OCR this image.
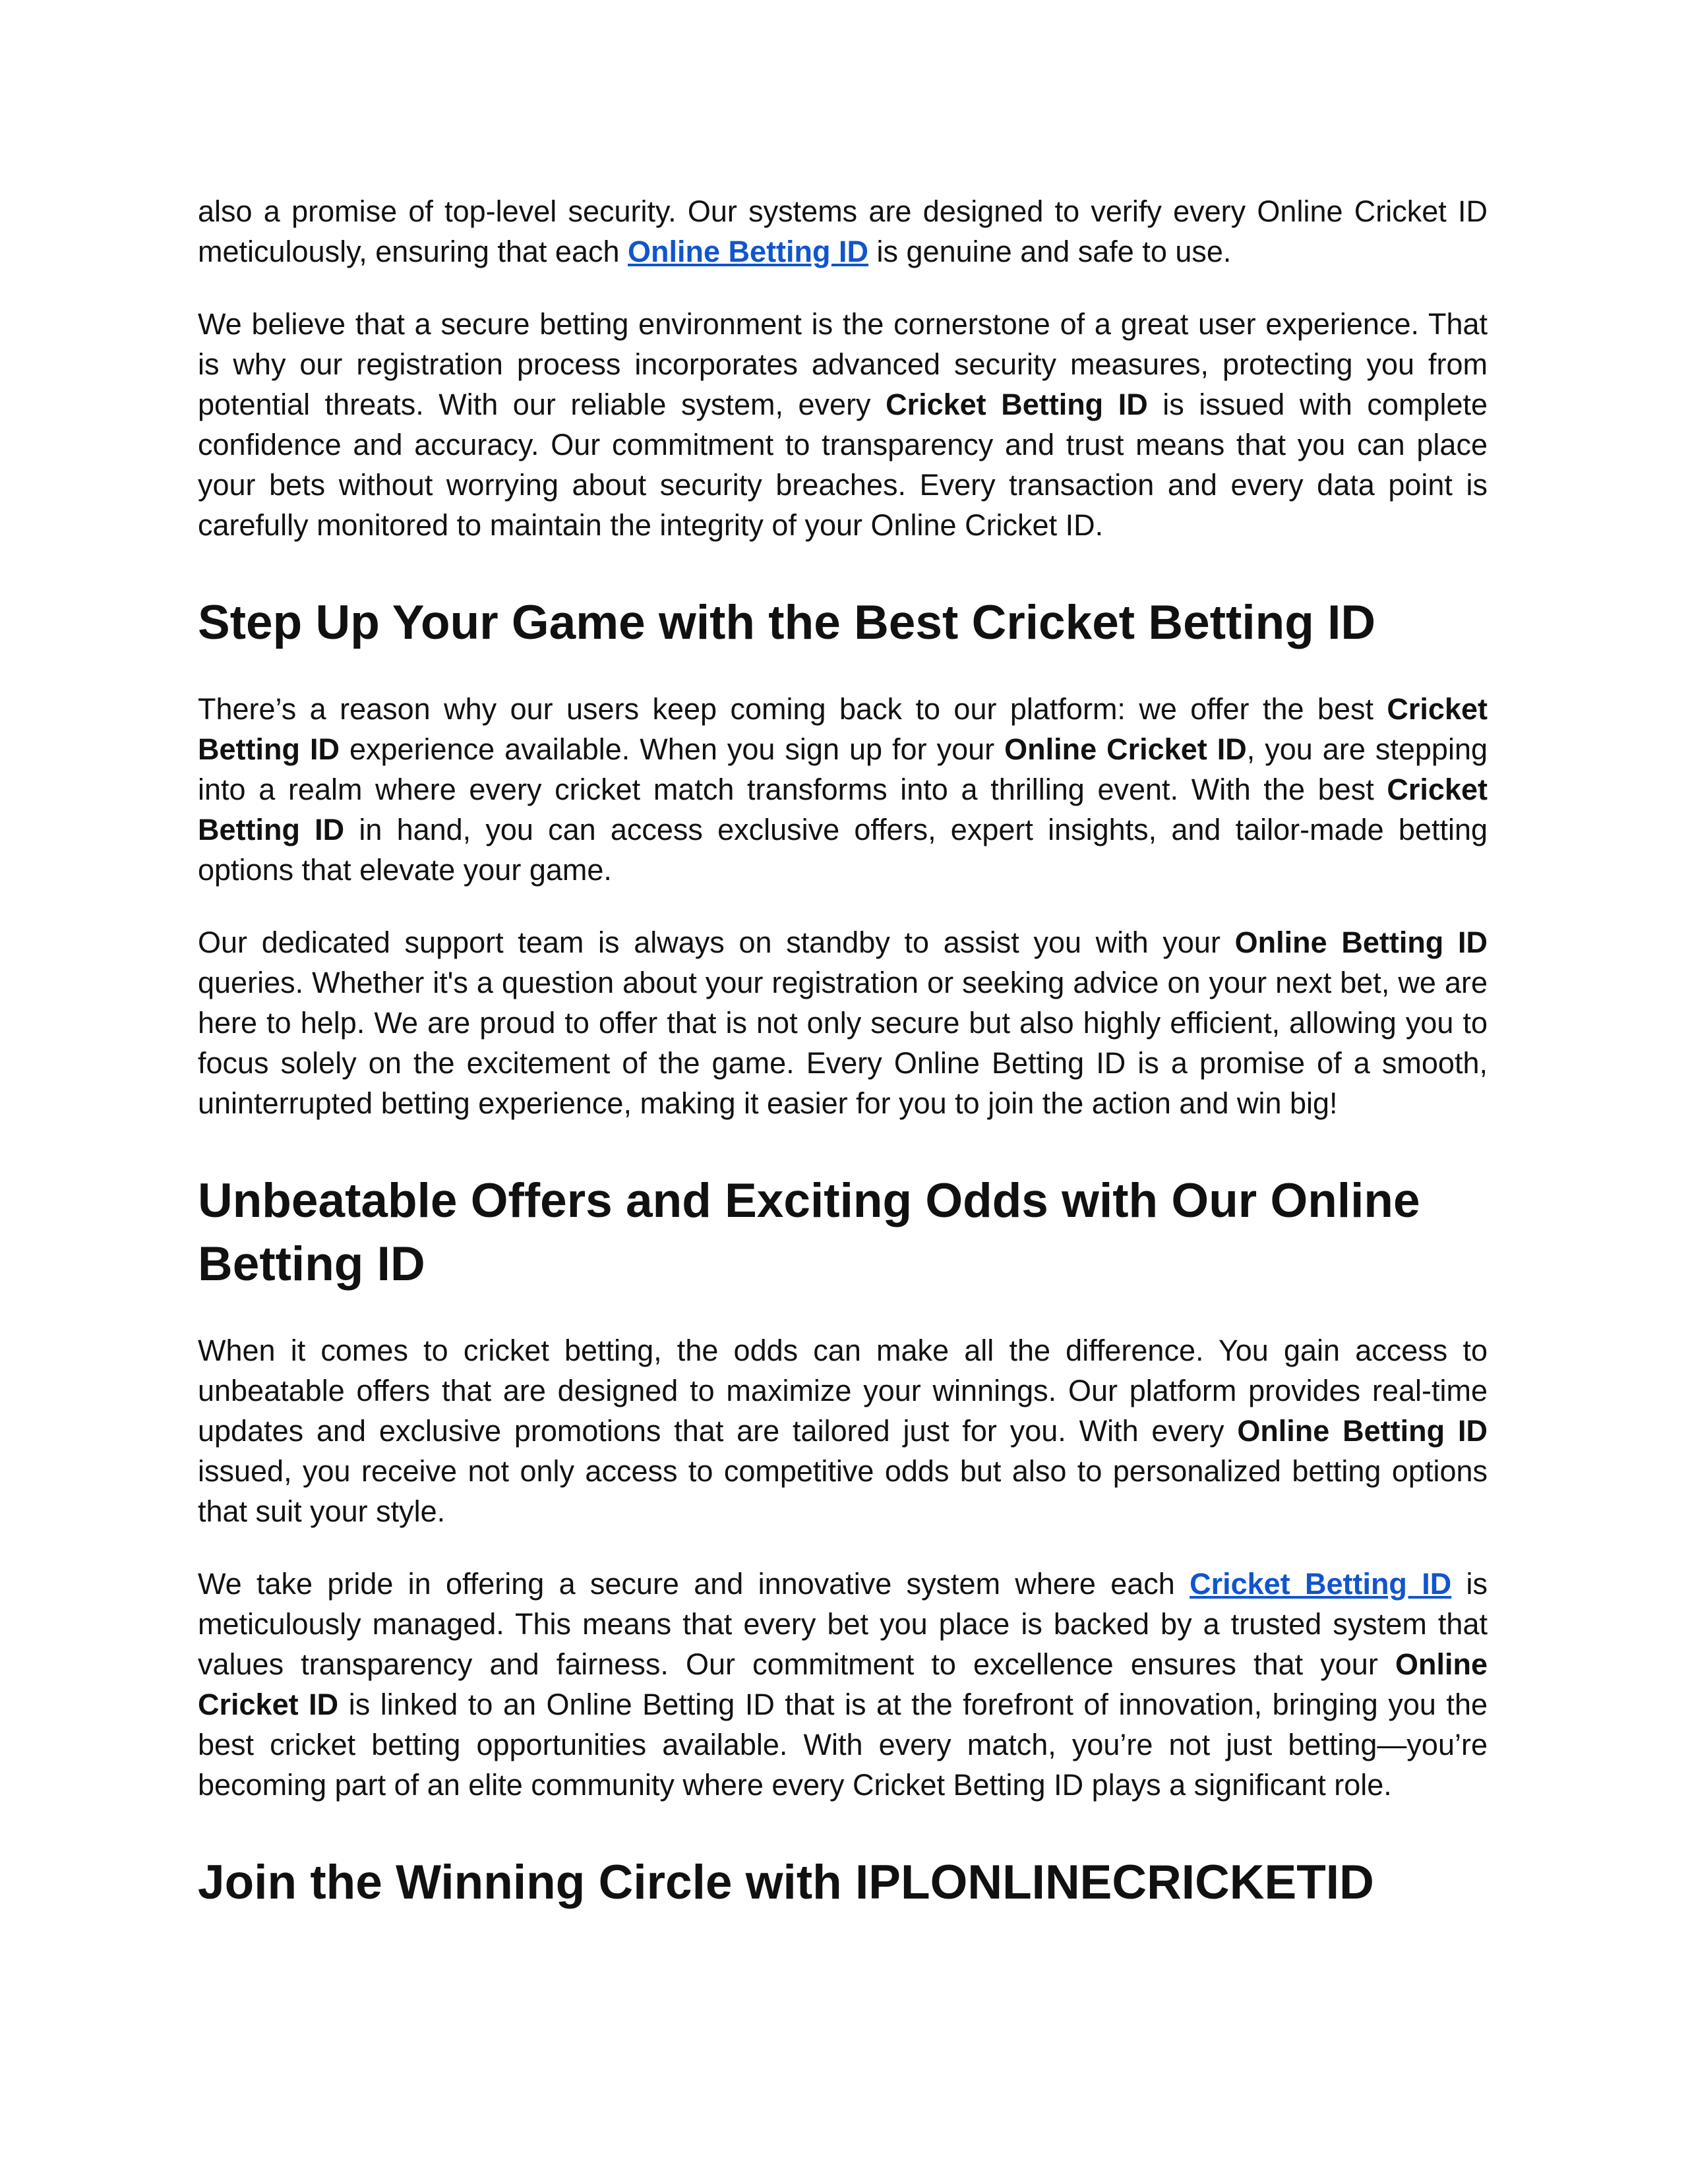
also a promise of top-level security. Our systems are designed to verify every Online Cricket ID meticulously, ensuring that each Online Betting ID is genuine and safe to use.

We believe that a secure betting environment is the cornerstone of a great user experience. That is why our registration process incorporates advanced security measures, protecting you from potential threats. With our reliable system, every Cricket Betting ID is issued with complete confidence and accuracy. Our commitment to transparency and trust means that you can place your bets without worrying about security breaches. Every transaction and every data point is carefully monitored to maintain the integrity of your Online Cricket ID.

Step Up Your Game with the Best Cricket Betting ID

There’s a reason why our users keep coming back to our platform: we offer the best Cricket Betting ID experience available. When you sign up for your Online Cricket ID, you are stepping into a realm where every cricket match transforms into a thrilling event. With the best Cricket Betting ID in hand, you can access exclusive offers, expert insights, and tailor-made betting options that elevate your game.

Our dedicated support team is always on standby to assist you with your Online Betting ID queries. Whether it's a question about your registration or seeking advice on your next bet, we are here to help. We are proud to offer that is not only secure but also highly efficient, allowing you to focus solely on the excitement of the game. Every Online Betting ID is a promise of a smooth, uninterrupted betting experience, making it easier for you to join the action and win big!

Unbeatable Offers and Exciting Odds with Our Online Betting ID

When it comes to cricket betting, the odds can make all the difference. You gain access to unbeatable offers that are designed to maximize your winnings. Our platform provides real-time updates and exclusive promotions that are tailored just for you. With every Online Betting ID issued, you receive not only access to competitive odds but also to personalized betting options that suit your style.

We take pride in offering a secure and innovative system where each Cricket Betting ID is meticulously managed. This means that every bet you place is backed by a trusted system that values transparency and fairness. Our commitment to excellence ensures that your Online Cricket ID is linked to an Online Betting ID that is at the forefront of innovation, bringing you the best cricket betting opportunities available. With every match, you’re not just betting—you’re becoming part of an elite community where every Cricket Betting ID plays a significant role.

Join the Winning Circle with IPLONLINECRICKETID
